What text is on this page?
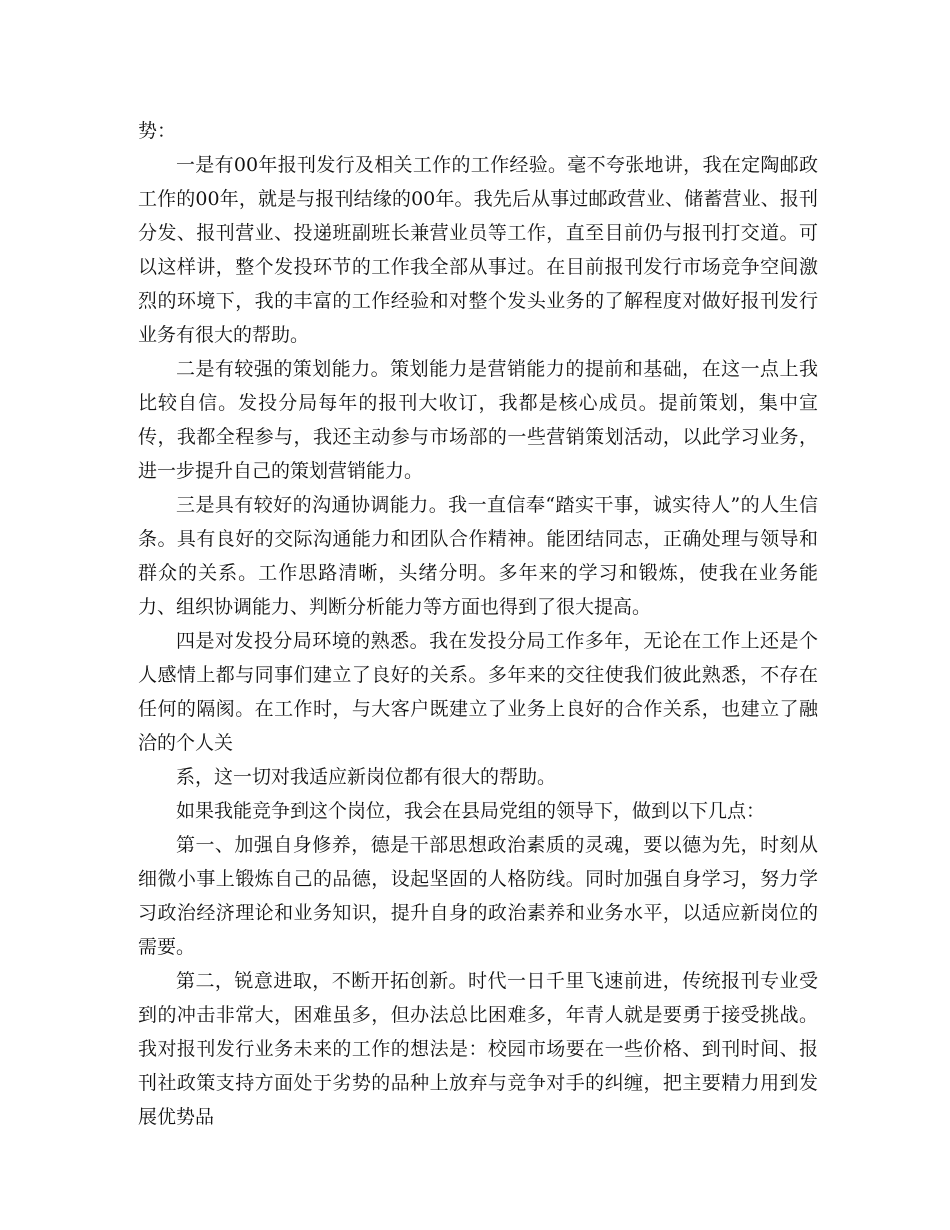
势：

一是有00年报刊发行及相关工作的工作经验。毫不夸张地讲，我在定陶邮政工作的00年，就是与报刊结缘的00年。我先后从事过邮政营业、储蓄营业、报刊分发、报刊营业、投递班副班长兼营业员等工作，直至目前仍与报刊打交道。可以这样讲，整个发投环节的工作我全部从事过。在目前报刊发行市场竞争空间激烈的环境下，我的丰富的工作经验和对整个发头业务的了解程度对做好报刊发行业务有很大的帮助。

二是有较强的策划能力。策划能力是营销能力的提前和基础，在这一点上我比较自信。发投分局每年的报刊大收订，我都是核心成员。提前策划，集中宣传，我都全程参与，我还主动参与市场部的一些营销策划活动，以此学习业务，进一步提升自己的策划营销能力。

三是具有较好的沟通协调能力。我一直信奉“踏实干事，诚实待人”的人生信条。具有良好的交际沟通能力和团队合作精神。能团结同志，正确处理与领导和群众的关系。工作思路清晰，头绪分明。多年来的学习和锻炼，使我在业务能力、组织协调能力、判断分析能力等方面也得到了很大提高。

四是对发投分局环境的熟悉。我在发投分局工作多年，无论在工作上还是个人感情上都与同事们建立了良好的关系。多年来的交往使我们彼此熟悉，不存在任何的隔阂。在工作时，与大客户既建立了业务上良好的合作关系，也建立了融洽的个人关

系，这一切对我适应新岗位都有很大的帮助。

如果我能竞争到这个岗位，我会在县局党组的领导下，做到以下几点：

第一、加强自身修养，德是干部思想政治素质的灵魂，要以德为先，时刻从细微小事上锻炼自己的品德，设起坚固的人格防线。同时加强自身学习，努力学习政治经济理论和业务知识，提升自身的政治素养和业务水平，以适应新岗位的需要。

第二，锐意进取，不断开拓创新。时代一日千里飞速前进，传统报刊专业受到的冲击非常大，困难虽多，但办法总比困难多，年青人就是要勇于接受挑战。我对报刊发行业务未来的工作的想法是：校园市场要在一些价格、到刊时间、报刊社政策支持方面处于劣势的品种上放弃与竞争对手的纠缠，把主要精力用到发展优势品
